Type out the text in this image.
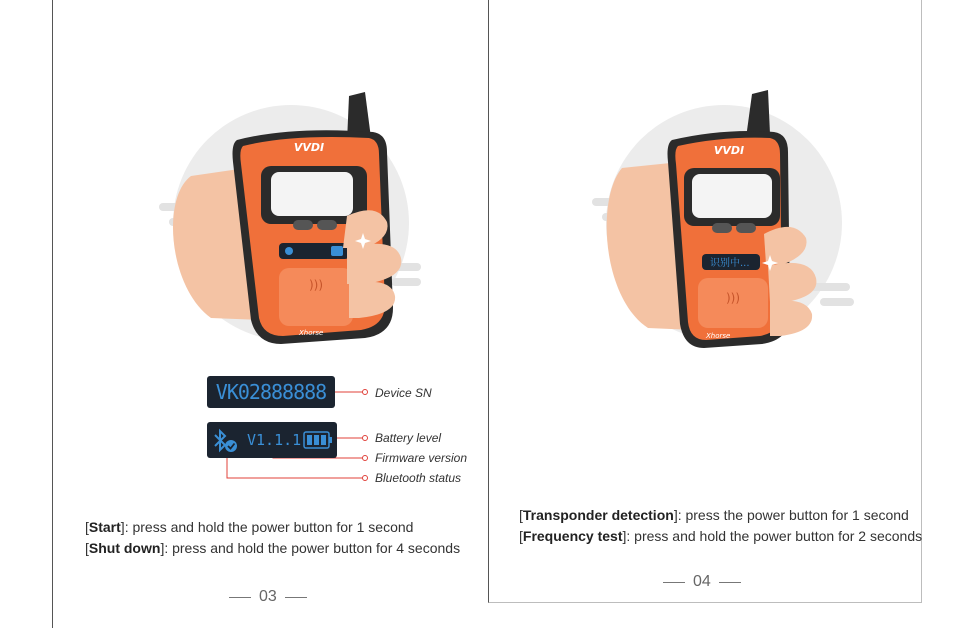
VVDI
)))
Xhorse
VK02888888
V1.1.1
Device SN
Battery level
Firmware version
Bluetooth status
[Start]: press and hold the power button for 1 second
[Shut down]: press and hold the power button for 4 seconds
03
VVDI
识别中...
)))
Xhorse
[Transponder detection]: press the power button for 1 second
[Frequency test]: press and hold the power button for 2 seconds
04
